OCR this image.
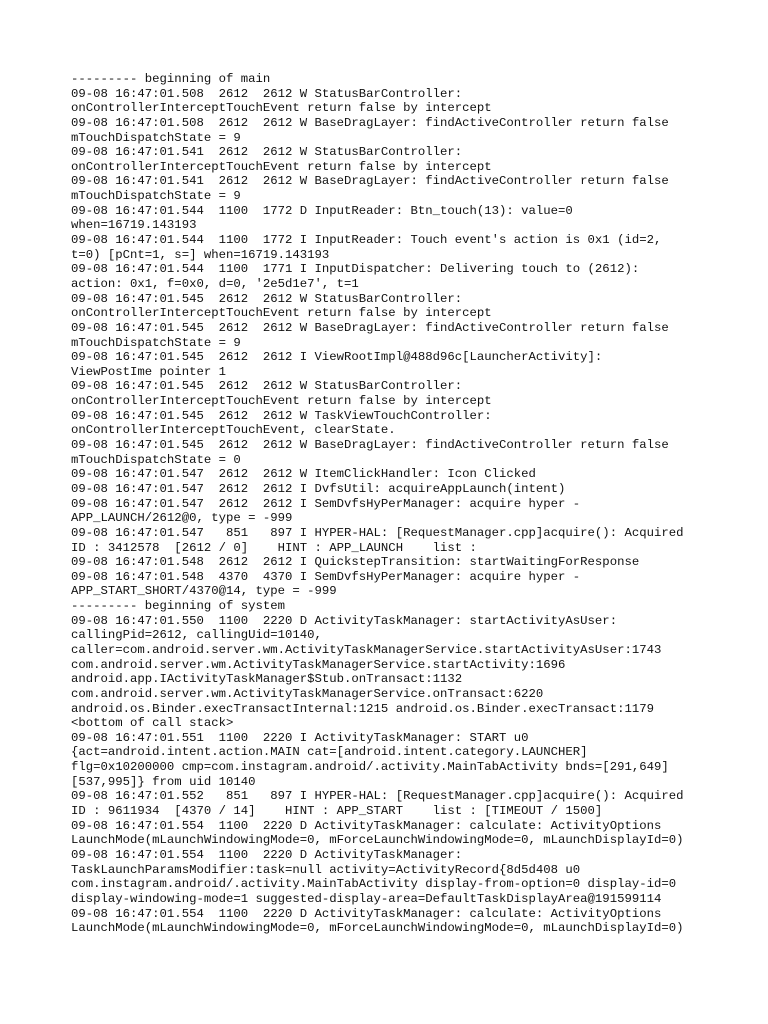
--------- beginning of main
09-08 16:47:01.508  2612  2612 W StatusBarController:
onControllerInterceptTouchEvent return false by intercept
09-08 16:47:01.508  2612  2612 W BaseDragLayer: findActiveController return false
mTouchDispatchState = 9
09-08 16:47:01.541  2612  2612 W StatusBarController:
onControllerInterceptTouchEvent return false by intercept
09-08 16:47:01.541  2612  2612 W BaseDragLayer: findActiveController return false
mTouchDispatchState = 9
09-08 16:47:01.544  1100  1772 D InputReader: Btn_touch(13): value=0
when=16719.143193
09-08 16:47:01.544  1100  1772 I InputReader: Touch event's action is 0x1 (id=2,
t=0) [pCnt=1, s=] when=16719.143193
09-08 16:47:01.544  1100  1771 I InputDispatcher: Delivering touch to (2612):
action: 0x1, f=0x0, d=0, '2e5d1e7', t=1
09-08 16:47:01.545  2612  2612 W StatusBarController:
onControllerInterceptTouchEvent return false by intercept
09-08 16:47:01.545  2612  2612 W BaseDragLayer: findActiveController return false
mTouchDispatchState = 9
09-08 16:47:01.545  2612  2612 I ViewRootImpl@488d96c[LauncherActivity]:
ViewPostIme pointer 1
09-08 16:47:01.545  2612  2612 W StatusBarController:
onControllerInterceptTouchEvent return false by intercept
09-08 16:47:01.545  2612  2612 W TaskViewTouchController:
onControllerInterceptTouchEvent, clearState.
09-08 16:47:01.545  2612  2612 W BaseDragLayer: findActiveController return false
mTouchDispatchState = 0
09-08 16:47:01.547  2612  2612 W ItemClickHandler: Icon Clicked
09-08 16:47:01.547  2612  2612 I DvfsUtil: acquireAppLaunch(intent)
09-08 16:47:01.547  2612  2612 I SemDvfsHyPerManager: acquire hyper -
APP_LAUNCH/2612@0, type = -999
09-08 16:47:01.547   851   897 I HYPER-HAL: [RequestManager.cpp]acquire(): Acquired
ID : 3412578  [2612 / 0]    HINT : APP_LAUNCH    list :
09-08 16:47:01.548  2612  2612 I QuickstepTransition: startWaitingForResponse
09-08 16:47:01.548  4370  4370 I SemDvfsHyPerManager: acquire hyper -
APP_START_SHORT/4370@14, type = -999
--------- beginning of system
09-08 16:47:01.550  1100  2220 D ActivityTaskManager: startActivityAsUser:
callingPid=2612, callingUid=10140,
caller=com.android.server.wm.ActivityTaskManagerService.startActivityAsUser:1743
com.android.server.wm.ActivityTaskManagerService.startActivity:1696
android.app.IActivityTaskManager$Stub.onTransact:1132
com.android.server.wm.ActivityTaskManagerService.onTransact:6220
android.os.Binder.execTransactInternal:1215 android.os.Binder.execTransact:1179
<bottom of call stack>
09-08 16:47:01.551  1100  2220 I ActivityTaskManager: START u0
{act=android.intent.action.MAIN cat=[android.intent.category.LAUNCHER]
flg=0x10200000 cmp=com.instagram.android/.activity.MainTabActivity bnds=[291,649]
[537,995]} from uid 10140
09-08 16:47:01.552   851   897 I HYPER-HAL: [RequestManager.cpp]acquire(): Acquired
ID : 9611934  [4370 / 14]    HINT : APP_START    list : [TIMEOUT / 1500]
09-08 16:47:01.554  1100  2220 D ActivityTaskManager: calculate: ActivityOptions
LaunchMode(mLaunchWindowingMode=0, mForceLaunchWindowingMode=0, mLaunchDisplayId=0)
09-08 16:47:01.554  1100  2220 D ActivityTaskManager:
TaskLaunchParamsModifier:task=null activity=ActivityRecord{8d5d408 u0
com.instagram.android/.activity.MainTabActivity display-from-option=0 display-id=0
display-windowing-mode=1 suggested-display-area=DefaultTaskDisplayArea@191599114
09-08 16:47:01.554  1100  2220 D ActivityTaskManager: calculate: ActivityOptions
LaunchMode(mLaunchWindowingMode=0, mForceLaunchWindowingMode=0, mLaunchDisplayId=0)
